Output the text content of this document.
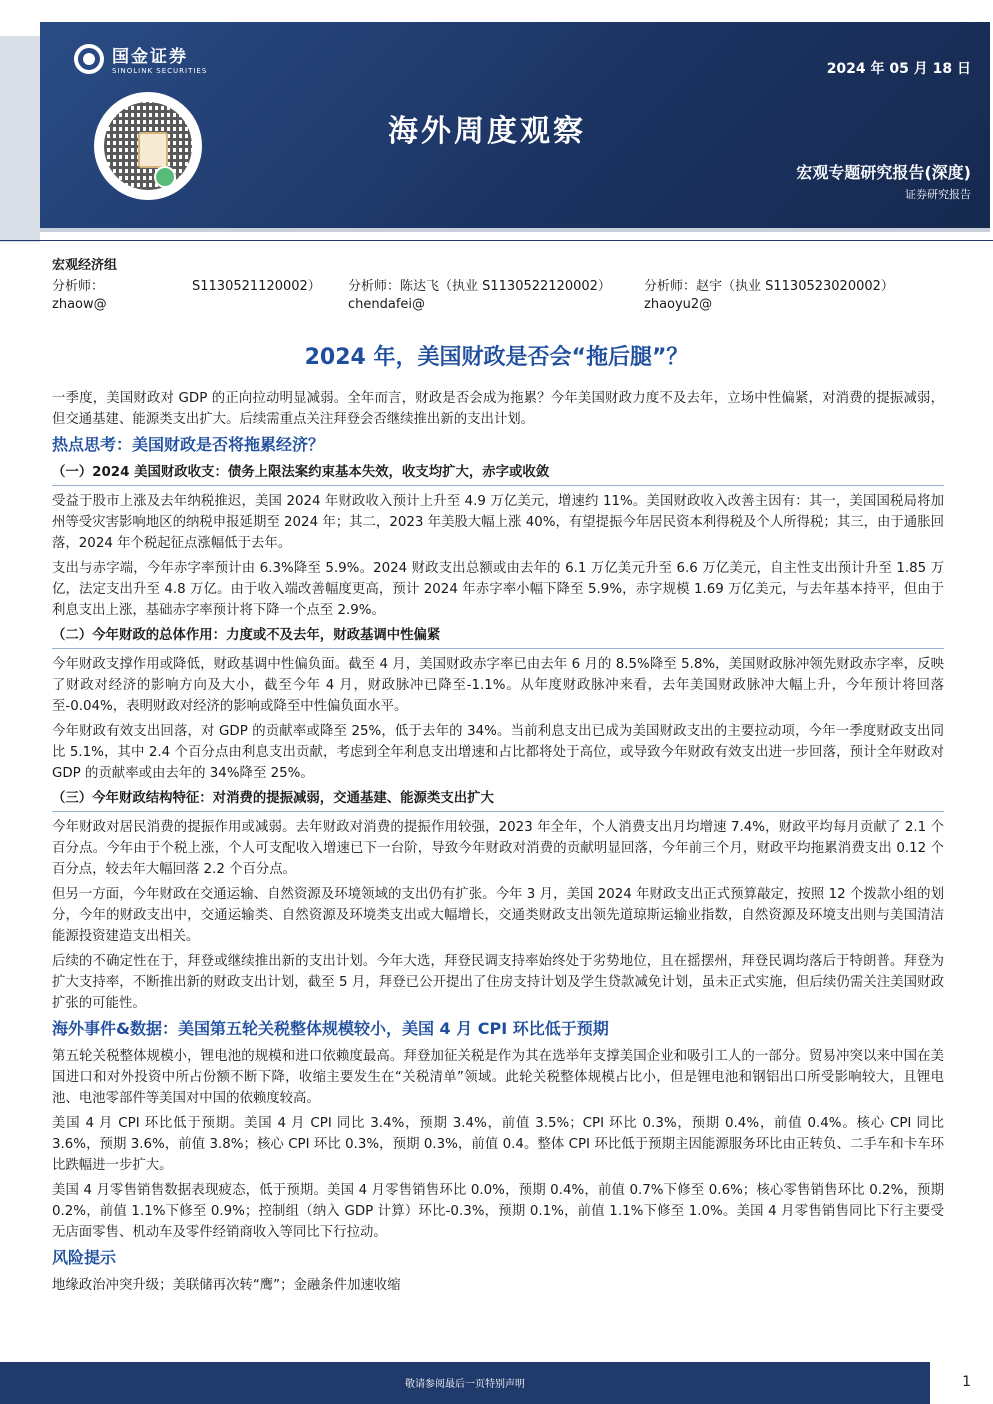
国金证券
SINOLINK SECURITIES	2024 年 05 月 18 日
海外周度观察
宏观专题研究报告(深度)
证券研究报告
宏观经济组
分析师：	S1130521120002）	分析师：陈达飞（执业 S1130522120002）	分析师：赵宇（执业 S1130523020002）
zhaow@	chendafei@	zhaoyu2@
2024 年，美国财政是否会“拖后腿”？

一季度，美国财政对 GDP 的正向拉动明显减弱。全年而言，财政是否会成为拖累？今年美国财政力度不及去年，立场中性偏紧，对消费的提振减弱，但交通基建、能源类支出扩大。后续需重点关注拜登会否继续推出新的支出计划。

热点思考：美国财政是否将拖累经济？
（一）2024 美国财政收支：债务上限法案约束基本失效，收支均扩大，赤字或收敛

受益于股市上涨及去年纳税推迟，美国 2024 年财政收入预计上升至 4.9 万亿美元，增速约 11%。美国财政收入改善主因有：其一，美国国税局将加州等受灾害影响地区的纳税申报延期至 2024 年；其二，2023 年美股大幅上涨 40%，有望提振今年居民资本利得税及个人所得税；其三，由于通胀回落，2024 年个税起征点涨幅低于去年。

支出与赤字端，今年赤字率预计由 6.3%降至 5.9%。2024 财政支出总额或由去年的 6.1 万亿美元升至 6.6 万亿美元，自主性支出预计升至 1.85 万亿，法定支出升至 4.8 万亿。由于收入端改善幅度更高，预计 2024 年赤字率小幅下降至 5.9%，赤字规模 1.69 万亿美元，与去年基本持平，但由于利息支出上涨，基础赤字率预计将下降一个点至 2.9%。

（二）今年财政的总体作用：力度或不及去年，财政基调中性偏紧

今年财政支撑作用或降低，财政基调中性偏负面。截至 4 月，美国财政赤字率已由去年 6 月的 8.5%降至 5.8%，美国财政脉冲领先财政赤字率，反映了财政对经济的影响方向及大小，截至今年 4 月，财政脉冲已降至-1.1%。从年度财政脉冲来看，去年美国财政脉冲大幅上升，今年预计将回落至-0.04%，表明财政对经济的影响或降至中性偏负面水平。

今年财政有效支出回落，对 GDP 的贡献率或降至 25%，低于去年的 34%。当前利息支出已成为美国财政支出的主要拉动项，今年一季度财政支出同比 5.1%，其中 2.4 个百分点由利息支出贡献，考虑到全年利息支出增速和占比都将处于高位，或导致今年财政有效支出进一步回落，预计全年财政对 GDP 的贡献率或由去年的 34%降至 25%。

（三）今年财政结构特征：对消费的提振减弱，交通基建、能源类支出扩大

今年财政对居民消费的提振作用或减弱。去年财政对消费的提振作用较强，2023 年全年，个人消费支出月均增速 7.4%，财政平均每月贡献了 2.1 个百分点。今年由于个税上涨，个人可支配收入增速已下一台阶，导致今年财政对消费的贡献明显回落，今年前三个月，财政平均拖累消费支出 0.12 个百分点，较去年大幅回落 2.2 个百分点。

但另一方面，今年财政在交通运输、自然资源及环境领域的支出仍有扩张。今年 3 月，美国 2024 年财政支出正式预算敲定，按照 12 个拨款小组的划分，今年的财政支出中，交通运输类、自然资源及环境类支出或大幅增长，交通类财政支出领先道琼斯运输业指数，自然资源及环境支出则与美国清洁能源投资建造支出相关。

后续的不确定性在于，拜登或继续推出新的支出计划。今年大选，拜登民调支持率始终处于劣势地位，且在摇摆州，拜登民调均落后于特朗普。拜登为扩大支持率，不断推出新的财政支出计划，截至 5 月，拜登已公开提出了住房支持计划及学生贷款减免计划，虽未正式实施，但后续仍需关注美国财政扩张的可能性。

海外事件&数据：美国第五轮关税整体规模较小，美国 4 月 CPI 环比低于预期

第五轮关税整体规模小，锂电池的规模和进口依赖度最高。拜登加征关税是作为其在选举年支撑美国企业和吸引工人的一部分。贸易冲突以来中国在美国进口和对外投资中所占份额不断下降，收缩主要发生在“关税清单”领域。此轮关税整体规模占比小，但是锂电池和钢铝出口所受影响较大，且锂电池、电池零部件等美国对中国的依赖度较高。

美国 4 月 CPI 环比低于预期。美国 4 月 CPI 同比 3.4%，预期 3.4%，前值 3.5%；CPI 环比 0.3%，预期 0.4%，前值 0.4%。核心 CPI 同比 3.6%，预期 3.6%，前值 3.8%；核心 CPI 环比 0.3%，预期 0.3%，前值 0.4。整体 CPI 环比低于预期主因能源服务环比由正转负、二手车和卡车环比跌幅进一步扩大。

美国 4 月零售销售数据表现疲态，低于预期。美国 4 月零售销售环比 0.0%，预期 0.4%，前值 0.7%下修至 0.6%；核心零售销售环比 0.2%，预期 0.2%，前值 1.1%下修至 0.9%；控制组（纳入 GDP 计算）环比-0.3%，预期 0.1%，前值 1.1%下修至 1.0%。美国 4 月零售销售同比下行主要受无店面零售、机动车及零件经销商收入等同比下行拉动。

风险提示

地缘政治冲突升级；美联储再次转“鹰”；金融条件加速收缩

敬请参阅最后一页特别声明	1
